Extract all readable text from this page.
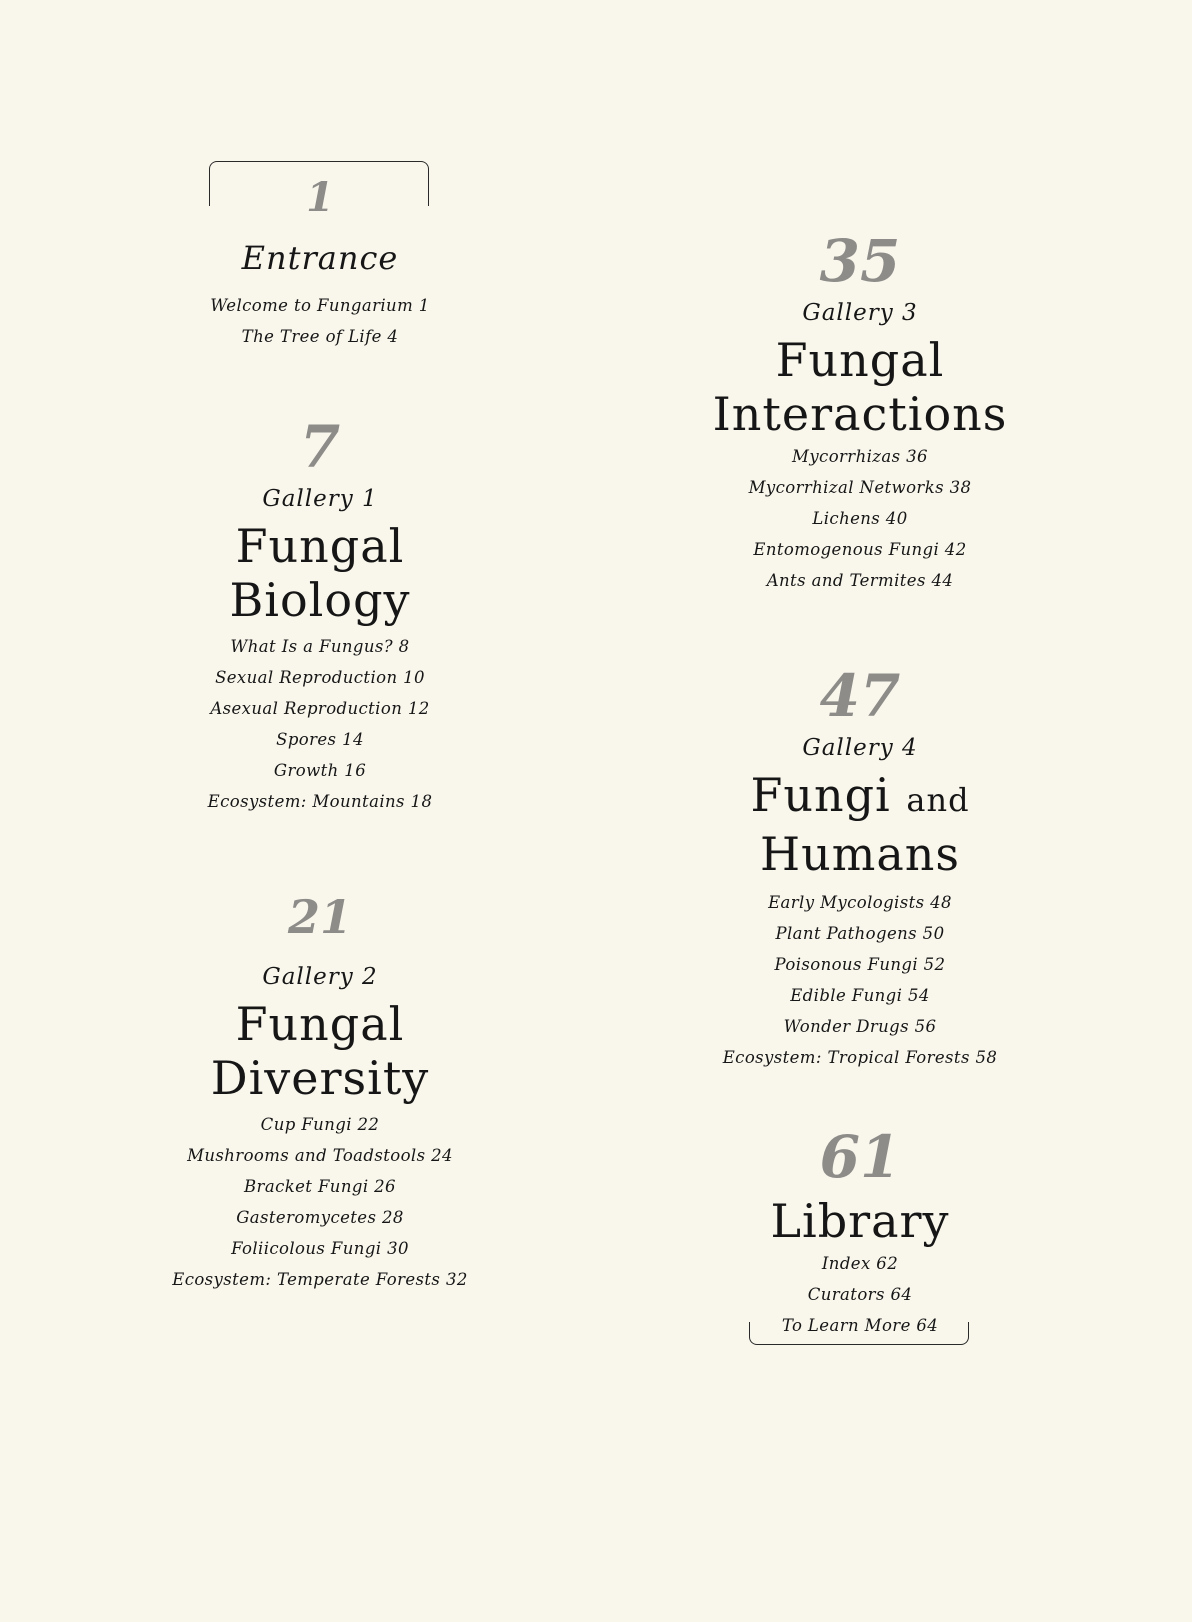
1
Entrance
Welcome to Fungarium 1
The Tree of Life 4
7
Gallery 1
Fungal
Biology
What Is a Fungus? 8
Sexual Reproduction 10
Asexual Reproduction 12
Spores 14
Growth 16
Ecosystem: Mountains 18
21
Gallery 2
Fungal
Diversity
Cup Fungi 22
Mushrooms and Toadstools 24
Bracket Fungi 26
Gasteromycetes 28
Foliicolous Fungi 30
Ecosystem: Temperate Forests 32
35
Gallery 3
Fungal
Interactions
Mycorrhizas 36
Mycorrhizal Networks 38
Lichens 40
Entomogenous Fungi 42
Ants and Termites 44
47
Gallery 4
Fungi and
Humans
Early Mycologists 48
Plant Pathogens 50
Poisonous Fungi 52
Edible Fungi 54
Wonder Drugs 56
Ecosystem: Tropical Forests 58
61
Library
Index 62
Curators 64
To Learn More 64
